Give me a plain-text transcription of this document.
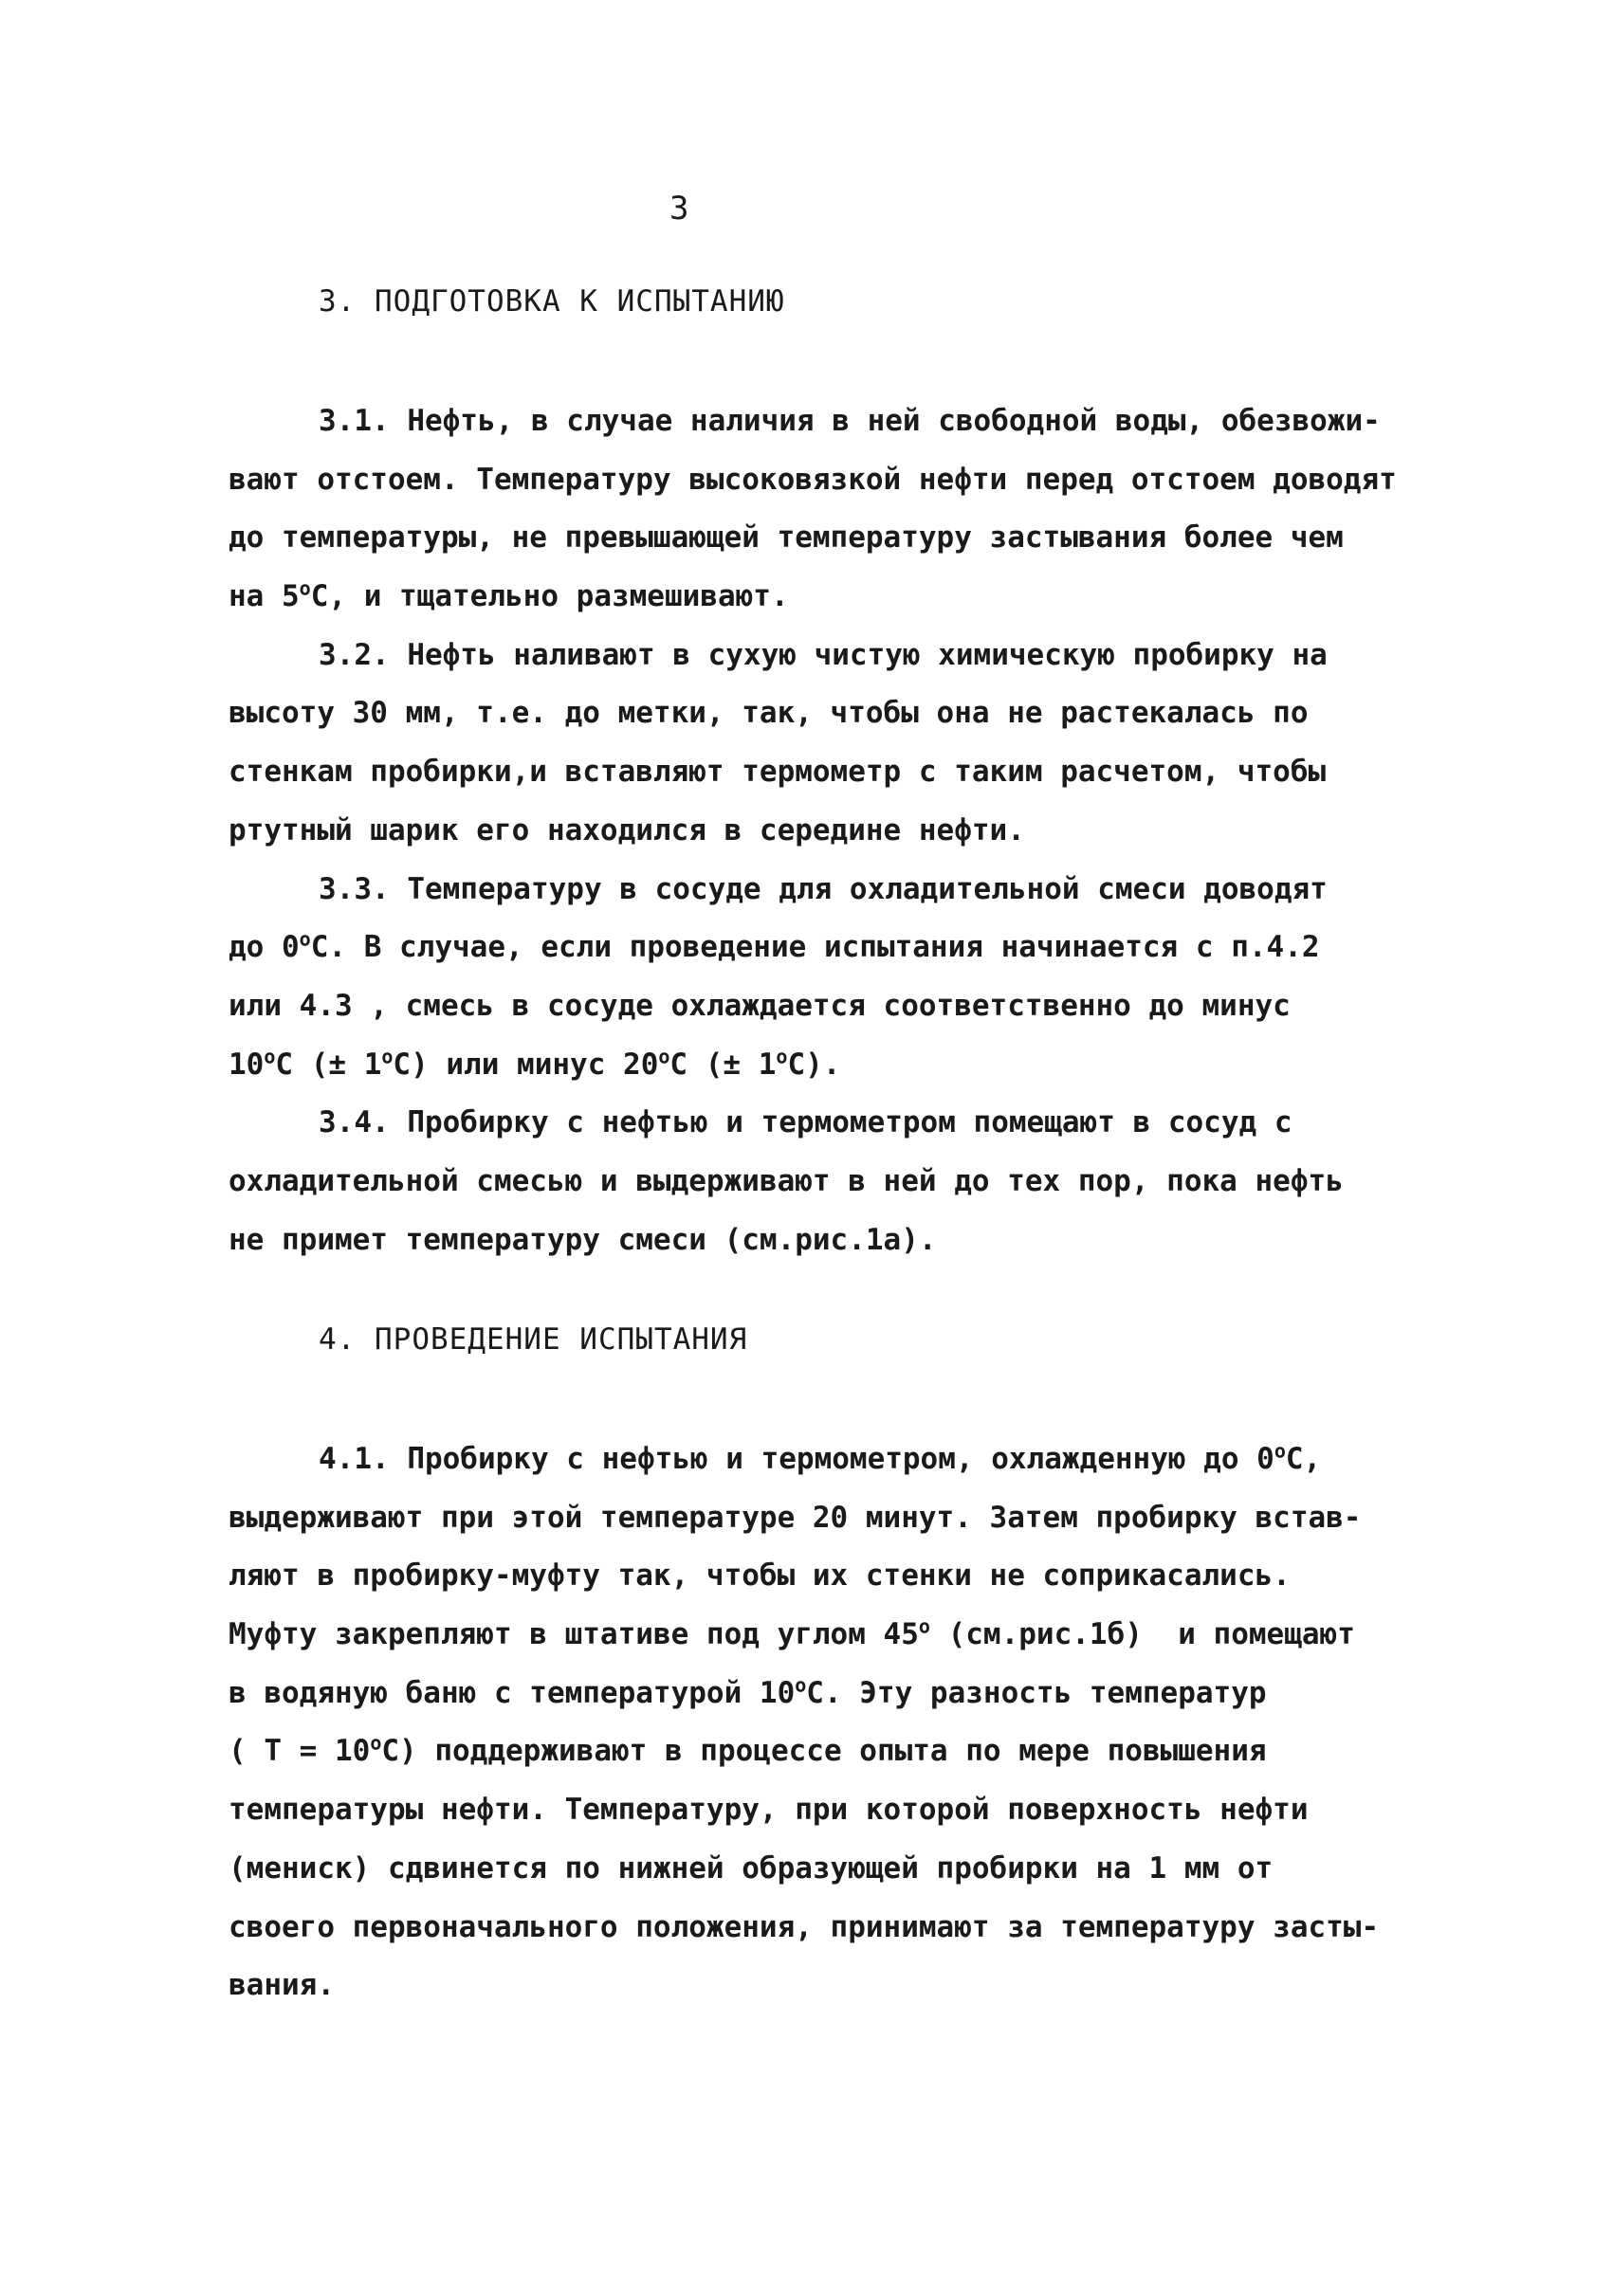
3
3. ПОДГОТОВКА К ИСПЫТАНИЮ
3.1. Нефть, в случае наличия в ней свободной воды, обезвожи-
вают отстоем. Температуру высоковязкой нефти перед отстоем доводят
до температуры, не превышающей температуру застывания более чем
на $5^оС$, и тщательно размешивают.
3.2. Нефть наливают в сухую чистую химическую пробирку на
высоту 30 мм, т.е. до метки, так, чтобы она не растекалась по
стенкам пробирки,и вставляют термометр с таким расчетом, чтобы
ртутный шарик его находился в середине нефти.
3.3. Температуру в сосуде для охладительной смеси доводят
до $0^оС$. В случае, если проведение испытания начинается с п.4.2
или 4.3 , смесь в сосуде охлаждается соответственно до минус
$10^оС$ (± $1^оС$) или минус $20^оС$ (± $1^оС$).
3.4. Пробирку с нефтью и термометром помещают в сосуд с
охладительной смесью и выдерживают в ней до тех пор, пока нефть
не примет температуру смеси (см.рис.1а).
4. ПРОВЕДЕНИЕ ИСПЫТАНИЯ
4.1. Пробирку с нефтью и термометром, охлажденную до $0^оС$,
выдерживают при этой температуре 20 минут. Затем пробирку встав-
ляют в пробирку-муфту так, чтобы их стенки не соприкасались.
Муфту закрепляют в штативе под углом $45^о$ (см.рис.1б)  и помещают
в водяную баню с температурой $10^оС$. Эту разность температур
( $Т = 10^оС$) поддерживают в процессе опыта по мере повышения
температуры нефти. Температуру, при которой поверхность нефти
(мениск) сдвинется по нижней образующей пробирки на 1 мм от
своего первоначального положения, принимают за температуру засты-
вания.
